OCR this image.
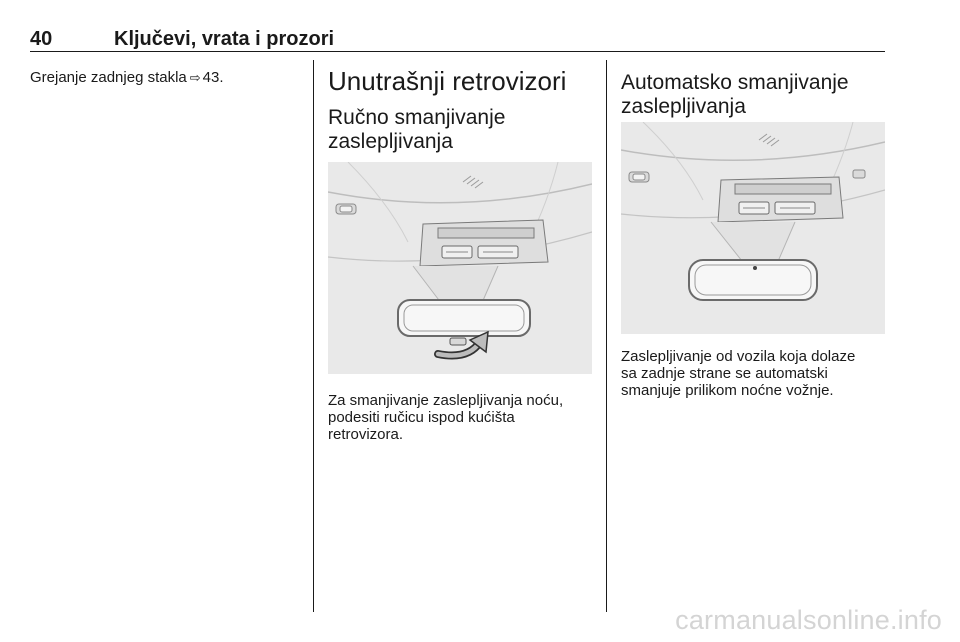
40	Ključevi, vrata i prozori

Grejanje zadnjeg stakla ⇨ 43.	Unutrašnji retrovizori
Ručno smanjivanje
zaslepljivanja

Za smanjivanje zaslepljivanja noću,
podesiti ručicu ispod kućišta
retrovizora.

Automatsko smanjivanje
zaslepljivanja

Zaslepljivanje od vozila koja dolaze
sa zadnje strane se automatski
smanjuje prilikom noćne vožnje.

carmanualsonline.info
